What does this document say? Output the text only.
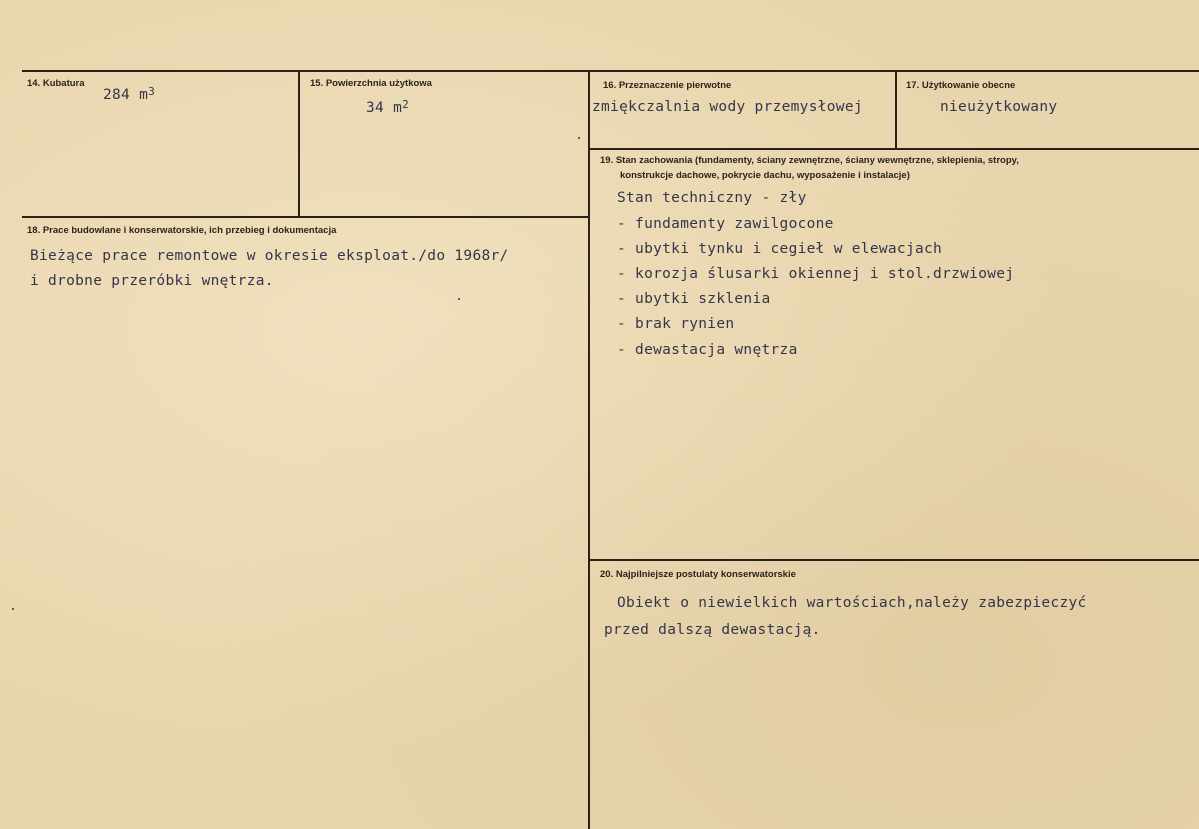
14. Kubatura
284 $m^3$
15. Powierzchnia użytkowa
34 $m^2$
16. Przeznaczenie pierwotne
zmiękczalnia wody przemysłowej
17. Użytkowanie obecne
nieużytkowany
18. Prace budowlane i konserwatorskie, ich przebieg i dokumentacja
Bieżące prace remontowe w okresie eksploat./do 1968r/
i drobne przeróbki wnętrza.
19. Stan zachowania (fundamenty, ściany zewnętrzne, ściany wewnętrzne, sklepienia, stropy,
konstrukcje dachowe, pokrycie dachu, wyposażenie i instalacje)
Stan techniczny - zły
- fundamenty zawilgocone
- ubytki tynku i cegieł w elewacjach
- korozja ślusarki okiennej i stol.drzwiowej
- ubytki szklenia
- brak rynien
- dewastacja wnętrza
20. Najpilniejsze postulaty konserwatorskie
Obiekt o niewielkich wartościach,należy zabezpieczyć
przed dalszą dewastacją.
